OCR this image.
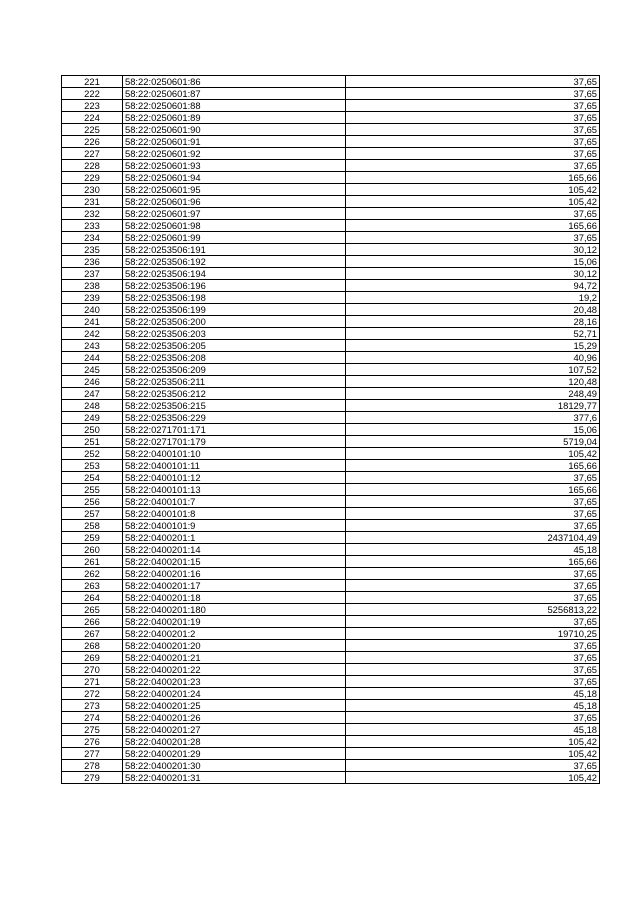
221	58:22:0250601:86	37,65
222	58:22:0250601:87	37,65
223	58:22:0250601:88	37,65
224	58:22:0250601:89	37,65
225	58:22:0250601:90	37,65
226	58:22:0250601:91	37,65
227	58:22:0250601:92	37,65
228	58:22:0250601:93	37,65
229	58:22:0250601:94	165,66
230	58:22:0250601:95	105,42
231	58:22:0250601:96	105,42
232	58:22:0250601:97	37,65
233	58:22:0250601:98	165,66
234	58:22:0250601:99	37,65
235	58:22:0253506:191	30,12
236	58:22:0253506:192	15,06
237	58:22:0253506:194	30,12
238	58:22:0253506:196	94,72
239	58:22:0253506:198	19,2
240	58:22:0253506:199	20,48
241	58:22:0253506:200	28,16
242	58:22:0253506:203	52,71
243	58:22:0253506:205	15,29
244	58:22:0253506:208	40,96
245	58:22:0253506:209	107,52
246	58:22:0253506:211	120,48
247	58:22:0253506:212	248,49
248	58:22:0253506:215	18129,77
249	58:22:0253506:229	377,6
250	58:22:0271701:171	15,06
251	58:22:0271701:179	5719,04
252	58:22:0400101:10	105,42
253	58:22:0400101:11	165,66
254	58:22:0400101:12	37,65
255	58:22:0400101:13	165,66
256	58:22:0400101:7	37,65
257	58:22:0400101:8	37,65
258	58:22:0400101:9	37,65
259	58:22:0400201:1	2437104,49
260	58:22:0400201:14	45,18
261	58:22:0400201:15	165,66
262	58:22:0400201:16	37,65
263	58:22:0400201:17	37,65
264	58:22:0400201:18	37,65
265	58:22:0400201:180	5256813,22
266	58:22:0400201:19	37,65
267	58:22:0400201:2	19710,25
268	58:22:0400201:20	37,65
269	58:22:0400201:21	37,65
270	58:22:0400201:22	37,65
271	58:22:0400201:23	37,65
272	58:22:0400201:24	45,18
273	58:22:0400201:25	45,18
274	58:22:0400201:26	37,65
275	58:22:0400201:27	45,18
276	58:22:0400201:28	105,42
277	58:22:0400201:29	105,42
278	58:22:0400201:30	37,65
279	58:22:0400201:31	105,42
